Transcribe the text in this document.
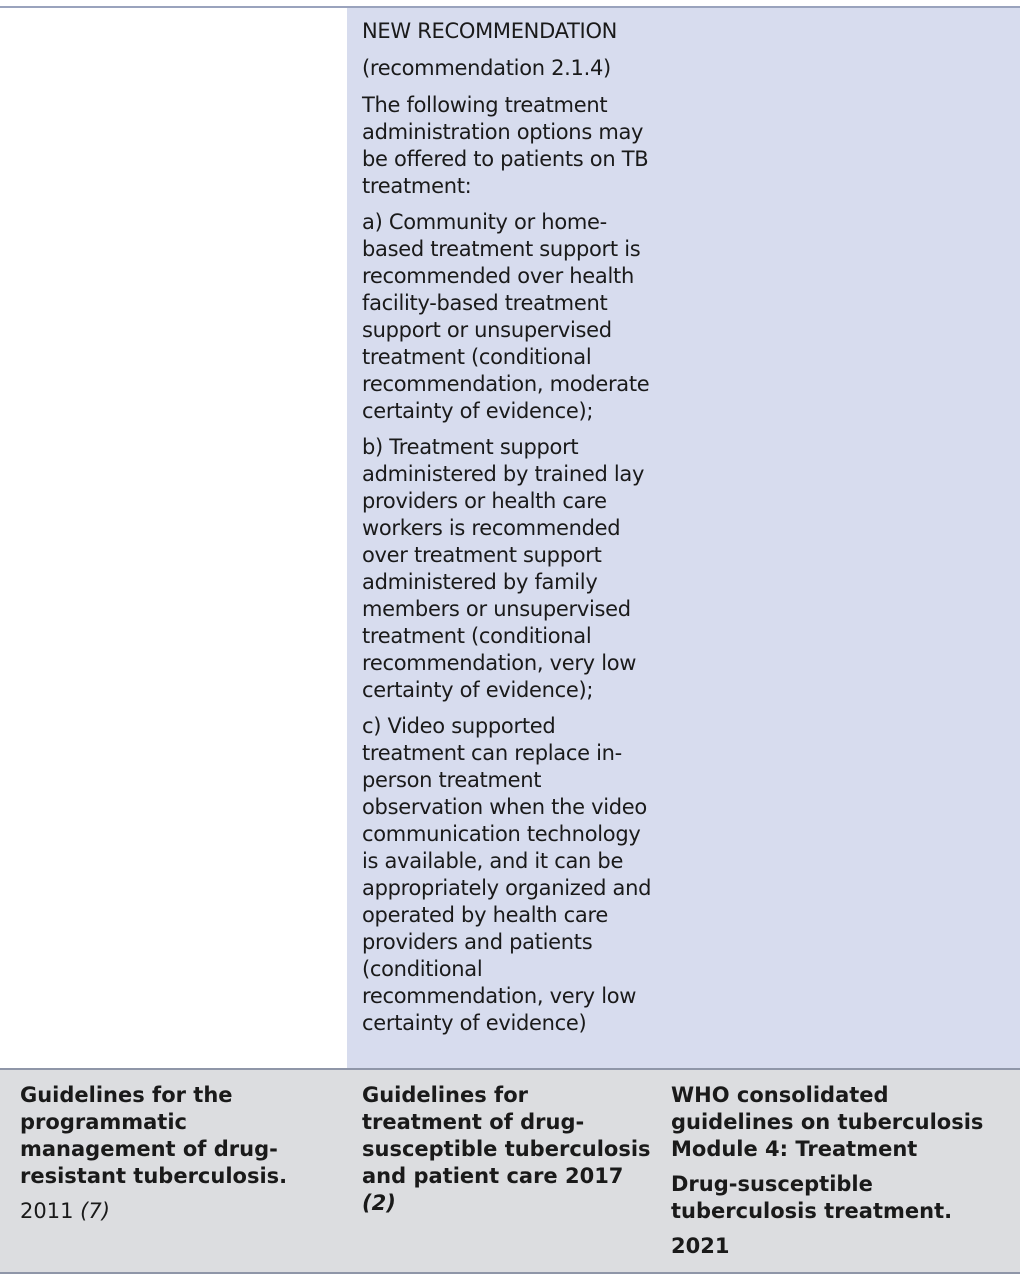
NEW RECOMMENDATION

(recommendation 2.1.4)

The following treatment administration options may be offered to patients on TB treatment:

a) Community or home-based treatment support is recommended over health facility-based treatment support or unsupervised treatment (conditional recommendation, moderate certainty of evidence);

b) Treatment support administered by trained lay providers or health care workers is recommended over treatment support administered by family members or unsupervised treatment (conditional recommendation, very low certainty of evidence);

c) Video supported treatment can replace in-person treatment observation when the video communication technology is available, and it can be appropriately organized and operated by health care providers and patients (conditional recommendation, very low certainty of evidence)

Guidelines for the programmatic management of drug-resistant tuberculosis.

2011 (7)

Guidelines for treatment of drug-susceptible tuberculosis and patient care 2017 (2)

WHO consolidated guidelines on tuberculosis Module 4: Treatment

Drug-susceptible tuberculosis treatment.

2021
